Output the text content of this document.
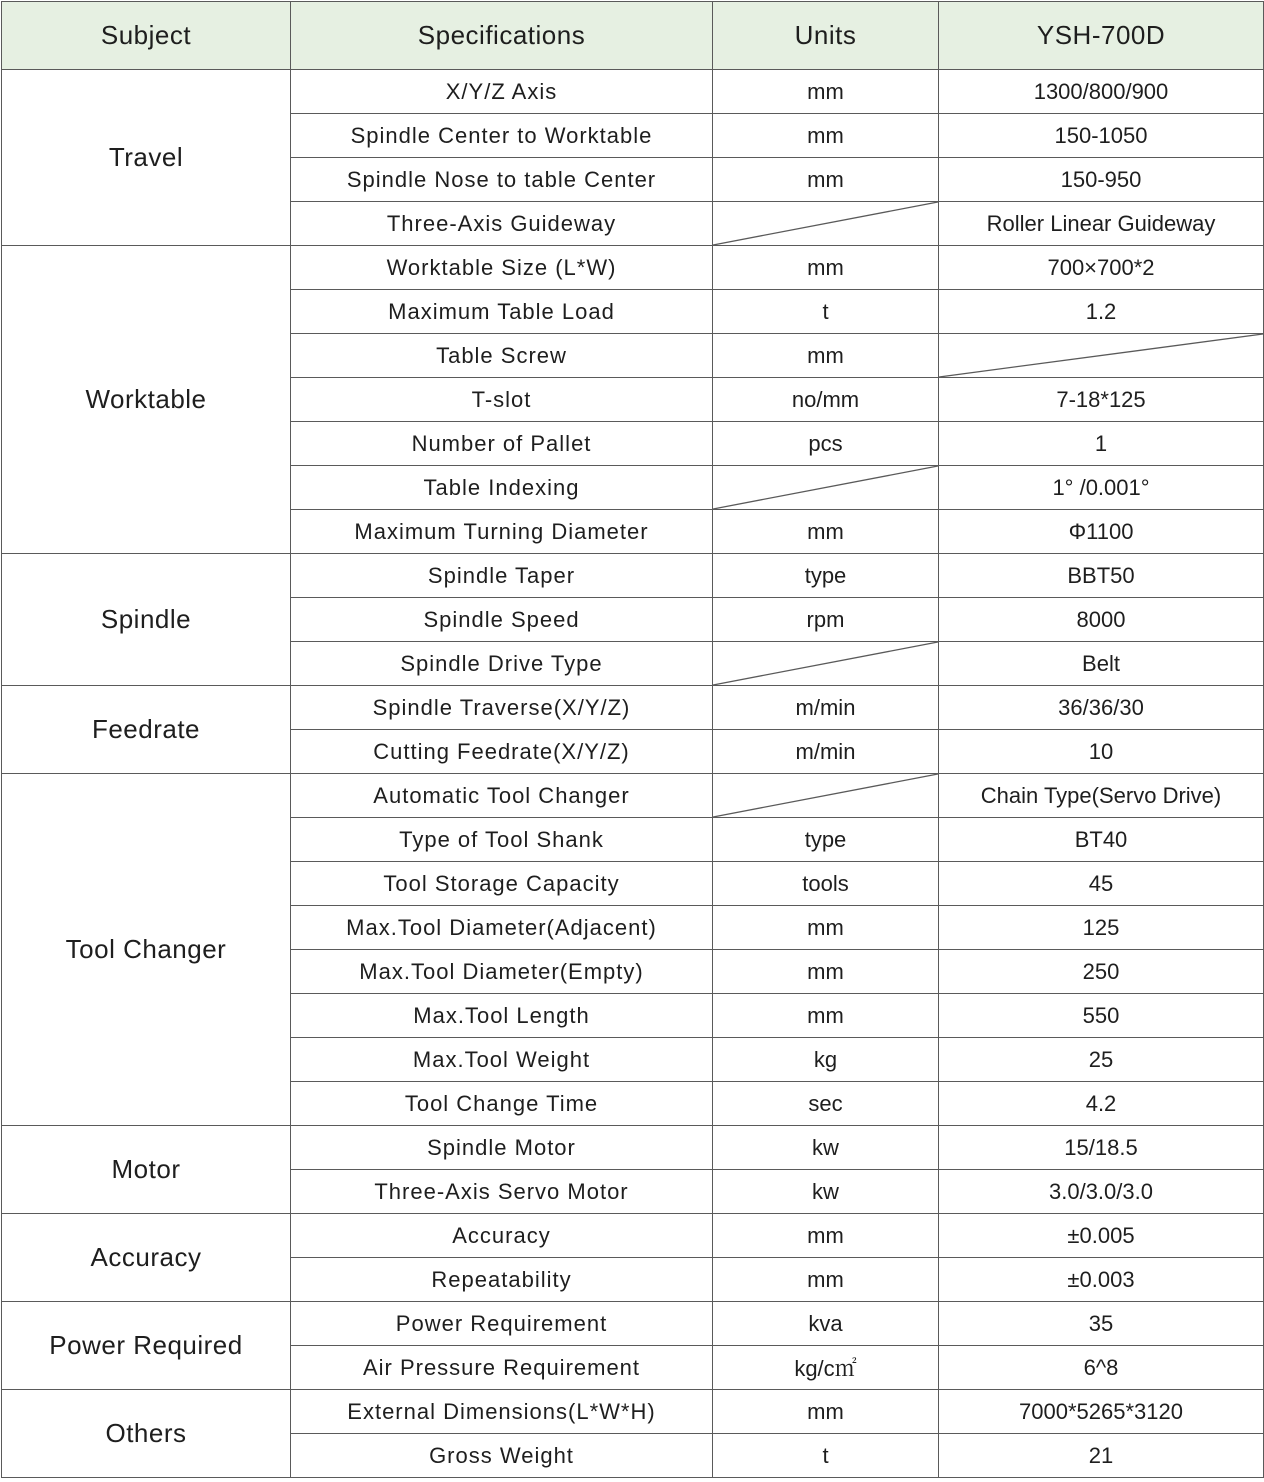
Subject	Specifications	Units	YSH-700D
Travel	X/Y/Z Axis	mm	1300/800/900
	Spindle Center to Worktable	mm	150-1050
	Spindle Nose to table Center	mm	150-950
	Three-Axis Guideway		Roller Linear Guideway
Worktable	Worktable Size (L*W)	mm	700×700*2
	Maximum Table Load	t	1.2
	Table Screw	mm	

	T-slot	no/mm	7-18*125
	Number of Pallet	pcs	1
	Table Indexing		1° /0.001°
	Maximum Turning Diameter	mm	Φ1100
Spindle	Spindle Taper	type	BBT50
	Spindle Speed	rpm	8000
	Spindle Drive Type		Belt
Feedrate	Spindle Traverse(X/Y/Z)	m/min	36/36/30
	Cutting Feedrate(X/Y/Z)	m/min	10
Tool Changer	Automatic Tool Changer		Chain Type(Servo Drive)
	Type of Tool Shank	type	BT40
	Tool Storage Capacity	tools	45
	Max.Tool Diameter(Adjacent)	mm	125
	Max.Tool Diameter(Empty)	mm	250
	Max.Tool Length	mm	550
	Max.Tool Weight	kg	25
	Tool Change Time	sec	4.2
Motor	Spindle Motor	kw	15/18.5
	Three-Axis Servo Motor	kw	3.0/3.0/3.0
Accuracy	Accuracy	mm	±0.005
	Repeatability	mm	±0.003
Power Required	Power Requirement	kva	35
	Air Pressure Requirement	kg/c㎡	6^8
Others	External Dimensions(L*W*H)	mm	7000*5265*3120
	Gross Weight	t	21
